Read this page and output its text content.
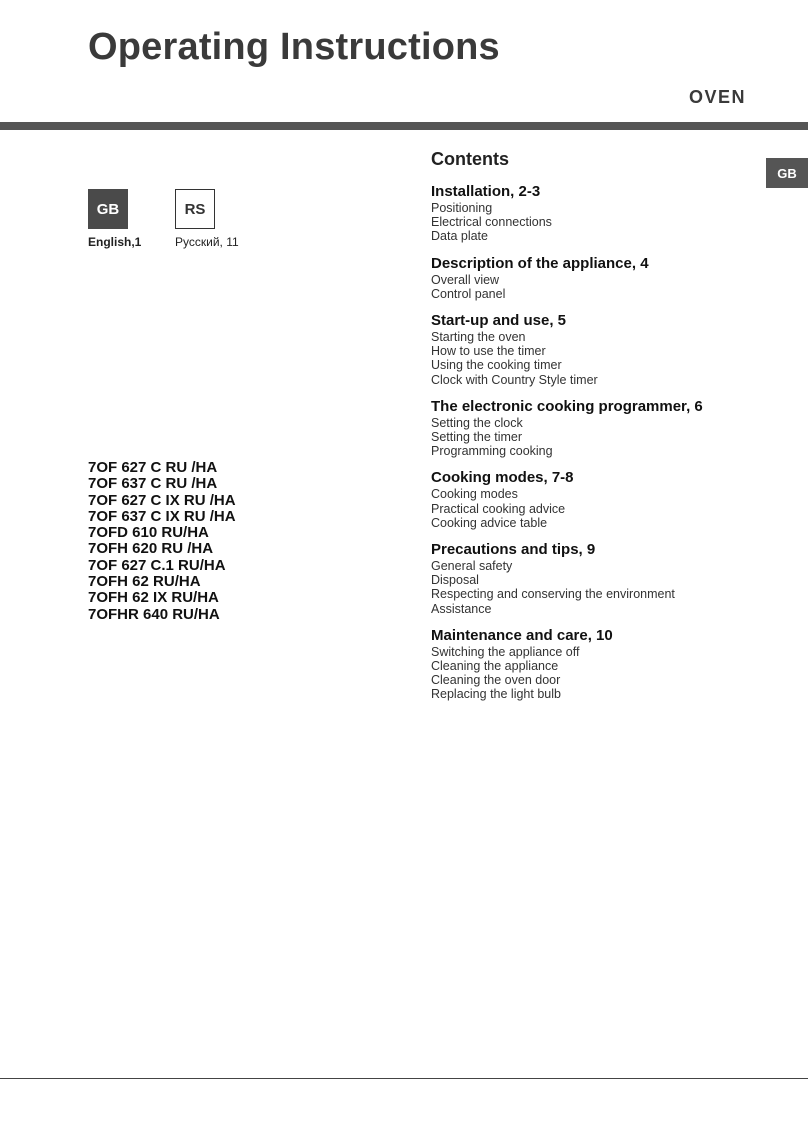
Operating Instructions
OVEN
GB
GB	RS
English,1	Русский, 11
7OF 627 C RU /HA
7OF 637 C RU /HA
7OF 627 C IX RU /HA
7OF 637 C IX RU /HA
7OFD 610 RU/HA
7OFH 620 RU /HA
7OF 627 C.1 RU/HA
7OFH 62 RU/HA
7OFH 62 IX RU/HA
7OFHR 640 RU/HA
Contents
Installation, 2-3
Positioning
Electrical connections
Data plate
Description of the appliance, 4
Overall view
Control panel
Start-up and use, 5
Starting the oven
How to use the timer
Using the cooking timer
Clock with Country Style timer
The electronic cooking programmer, 6
Setting the clock
Setting the timer
Programming cooking
Cooking modes, 7-8
Cooking modes
Practical cooking advice
Cooking advice table
Precautions and tips, 9
General safety
Disposal
Respecting and conserving the environment
Assistance
Maintenance and care, 10
Switching the appliance off
Cleaning the appliance
Cleaning the oven door
Replacing the light bulb
